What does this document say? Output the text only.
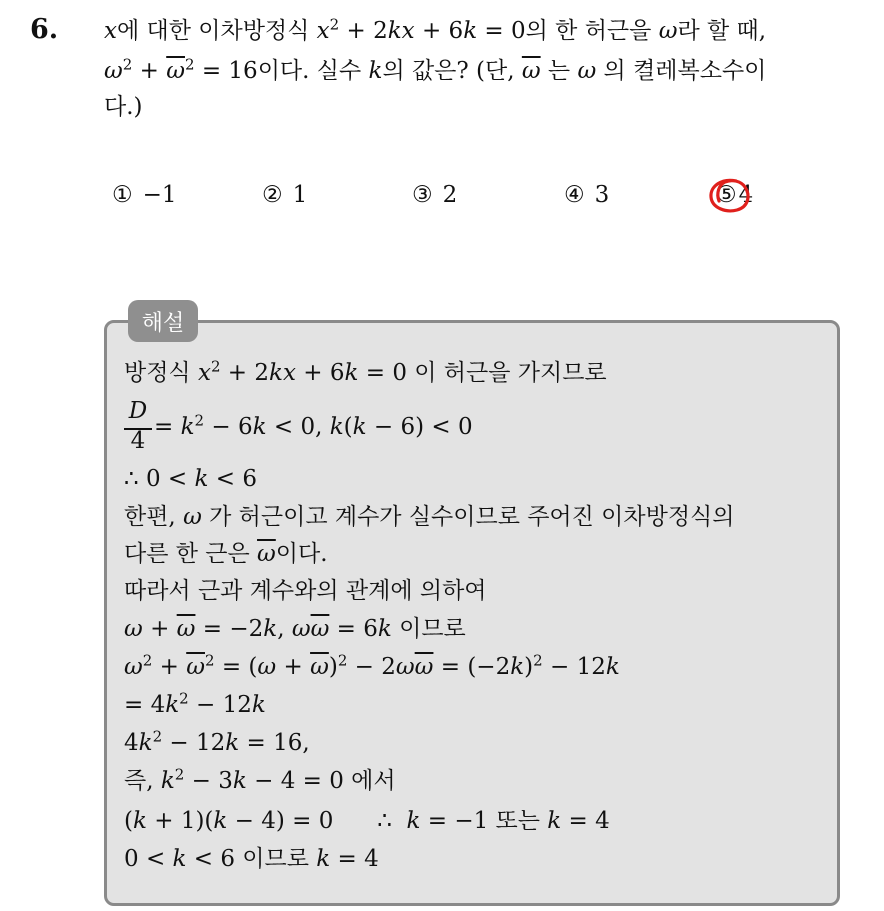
6. x에 대한 이차방정식 $x^2 + 2kx + 6k = 0$의 한 허근을 ω라 할 때,
$\omega^2 + \overline{\omega}^2 = 16$이다. 실수 k의 값은? (단, $\overline{\omega}$ 는 ω 의 켤레복소수이
다.)
① −1	② 1	③ 2	④ 3	⑤4
해설
방정식 $x^2 + 2kx + 6k = 0$ 이 허근을 가지므로
D
4
= $k^2 - 6k < 0$, k(k − 6) < 0
∴ 0 < k < 6
한편, ω 가 허근이고 계수가 실수이므로 주어진 이차방정식의
다른 한 근은 $\overline{\omega}$이다.
따라서 근과 계수와의 관계에 의하여
$\omega + \overline{\omega} = -2k$, $\omega\overline{\omega} = 6k$ 이므로
$\omega^2 + \overline{\omega}^2 = (\omega + \overline{\omega})^2 - 2\omega\overline{\omega} = (-2k)^2 - 12k$
= $4k^2 - 12k$
$4k^2 - 12k = 16$,
즉, $k^2 - 3k - 4 = 0$ 에서
(k + 1)(k − 4) = 0      ∴  k = −1 또는 k = 4
0 < k < 6 이므로 k = 4
